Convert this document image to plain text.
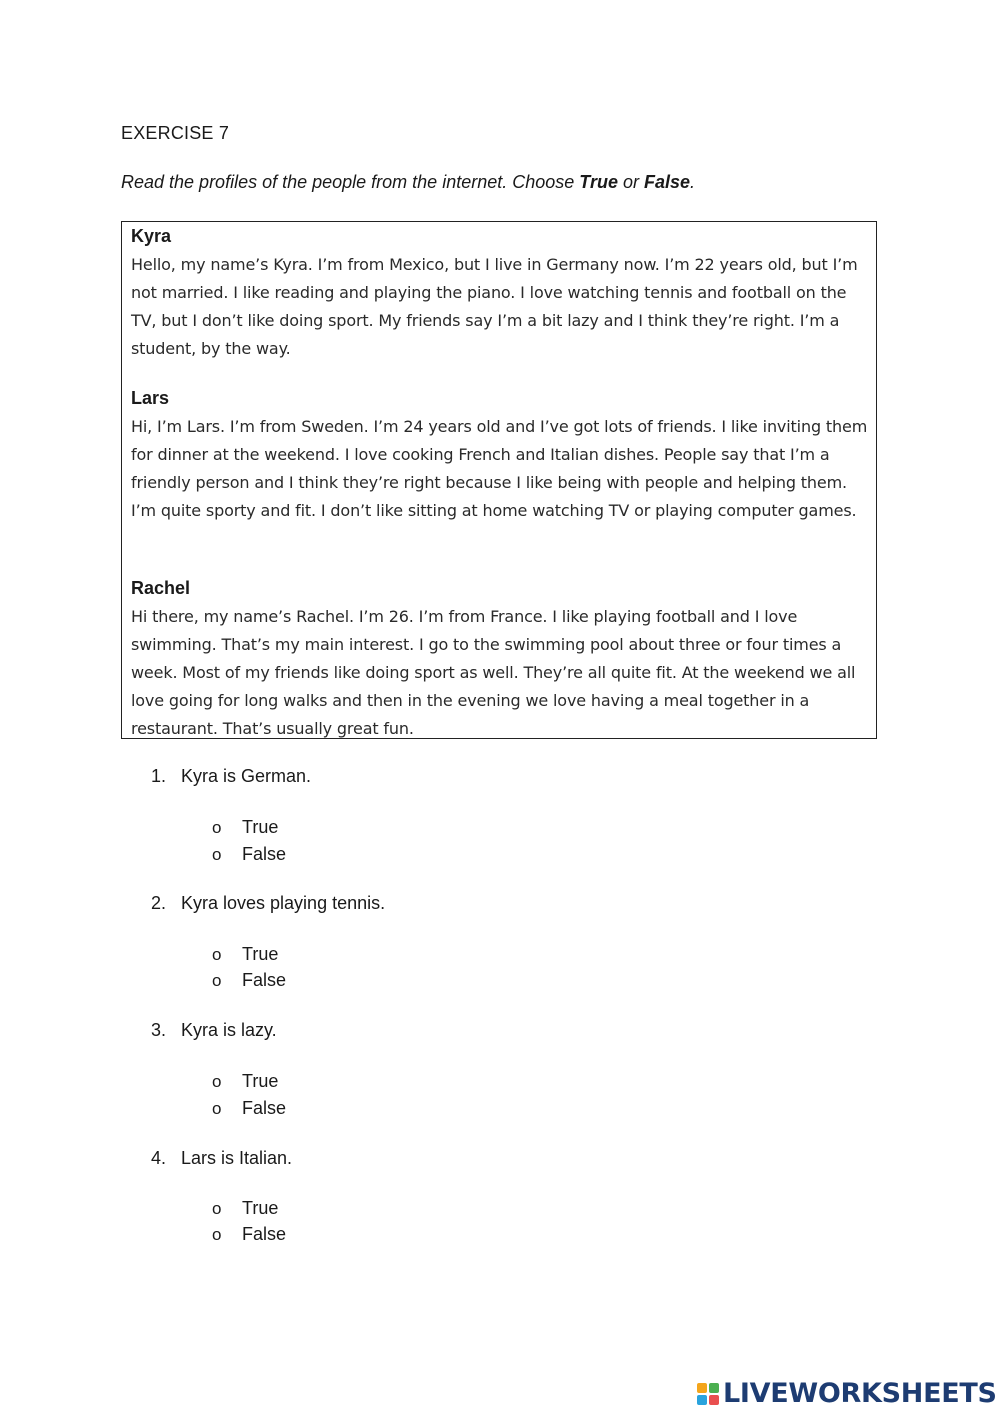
EXERCISE 7
Read the profiles of the people from the internet. Choose True or False.
Kyra
Hello, my name’s Kyra. I’m from Mexico, but I live in Germany now. I’m 22 years old, but I’m not married. I like reading and playing the piano. I love watching tennis and football on the TV, but I don’t like doing sport. My friends say I’m a bit lazy and I think they’re right. I’m a student, by the way.
Lars
Hi, I’m Lars. I’m from Sweden. I’m 24 years old and I’ve got lots of friends. I like inviting them for dinner at the weekend. I love cooking French and Italian dishes. People say that I’m a friendly person and I think they’re right because I like being with people and helping them. I’m quite sporty and fit. I don’t like sitting at home watching TV or playing computer games.
Rachel
Hi there, my name’s Rachel. I’m 26. I’m from France. I like playing football and I love swimming. That’s my main interest. I go to the swimming pool about three or four times a week. Most of my friends like doing sport as well. They’re all quite fit. At the weekend we all love going for long walks and then in the evening we love having a meal together in a restaurant. That’s usually great fun.
1. Kyra is German.
o True
o False
2. Kyra loves playing tennis.
o True
o False
3. Kyra is lazy.
o True
o False
4. Lars is Italian.
o True
o False
LIVEWORKSHEETS
